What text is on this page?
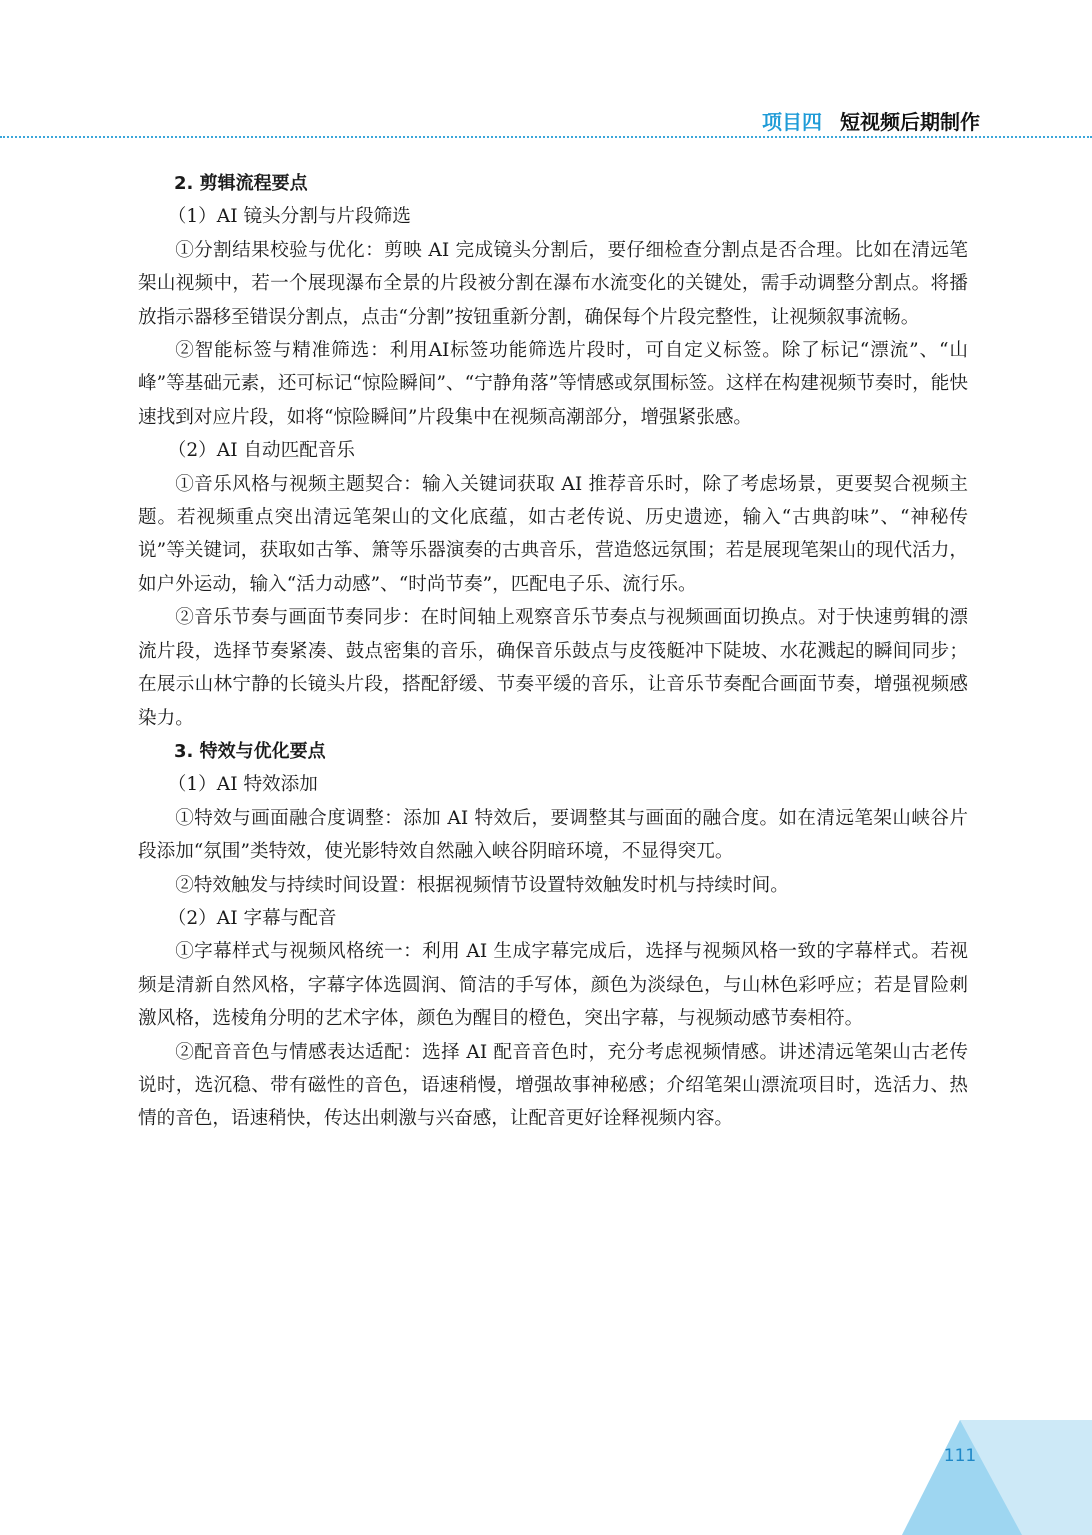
项目四 短视频后期制作

2. 剪辑流程要点

（1）AI 镜头分割与片段筛选

①分割结果校验与优化：剪映 AI 完成镜头分割后，要仔细检查分割点是否合理。比如在清远笔架山视频中，若一个展现瀑布全景的片段被分割在瀑布水流变化的关键处，需手动调整分割点。将播放指示器移至错误分割点，点击“分割”按钮重新分割，确保每个片段完整性，让视频叙事流畅。

②智能标签与精准筛选：利用AI标签功能筛选片段时，可自定义标签。除了标记“漂流”、“山峰”等基础元素，还可标记“惊险瞬间”、“宁静角落”等情感或氛围标签。这样在构建视频节奏时，能快速找到对应片段，如将“惊险瞬间”片段集中在视频高潮部分，增强紧张感。

（2）AI 自动匹配音乐

①音乐风格与视频主题契合：输入关键词获取 AI 推荐音乐时，除了考虑场景，更要契合视频主题。若视频重点突出清远笔架山的文化底蕴，如古老传说、历史遗迹，输入“古典韵味”、“神秘传说”等关键词，获取如古筝、箫等乐器演奏的古典音乐，营造悠远氛围；若是展现笔架山的现代活力，如户外运动，输入“活力动感”、“时尚节奏”，匹配电子乐、流行乐。

②音乐节奏与画面节奏同步：在时间轴上观察音乐节奏点与视频画面切换点。对于快速剪辑的漂流片段，选择节奏紧凑、鼓点密集的音乐，确保音乐鼓点与皮筏艇冲下陡坡、水花溅起的瞬间同步；在展示山林宁静的长镜头片段，搭配舒缓、节奏平缓的音乐，让音乐节奏配合画面节奏，增强视频感染力。

3. 特效与优化要点

（1）AI 特效添加

①特效与画面融合度调整：添加 AI 特效后，要调整其与画面的融合度。如在清远笔架山峡谷片段添加“氛围”类特效，使光影特效自然融入峡谷阴暗环境，不显得突兀。

②特效触发与持续时间设置：根据视频情节设置特效触发时机与持续时间。

（2）AI 字幕与配音

①字幕样式与视频风格统一：利用 AI 生成字幕完成后，选择与视频风格一致的字幕样式。若视频是清新自然风格，字幕字体选圆润、简洁的手写体，颜色为淡绿色，与山林色彩呼应；若是冒险刺激风格，选棱角分明的艺术字体，颜色为醒目的橙色，突出字幕，与视频动感节奏相符。

②配音音色与情感表达适配：选择 AI 配音音色时，充分考虑视频情感。讲述清远笔架山古老传说时，选沉稳、带有磁性的音色，语速稍慢，增强故事神秘感；介绍笔架山漂流项目时，选活力、热情的音色，语速稍快，传达出刺激与兴奋感，让配音更好诠释视频内容。

111
